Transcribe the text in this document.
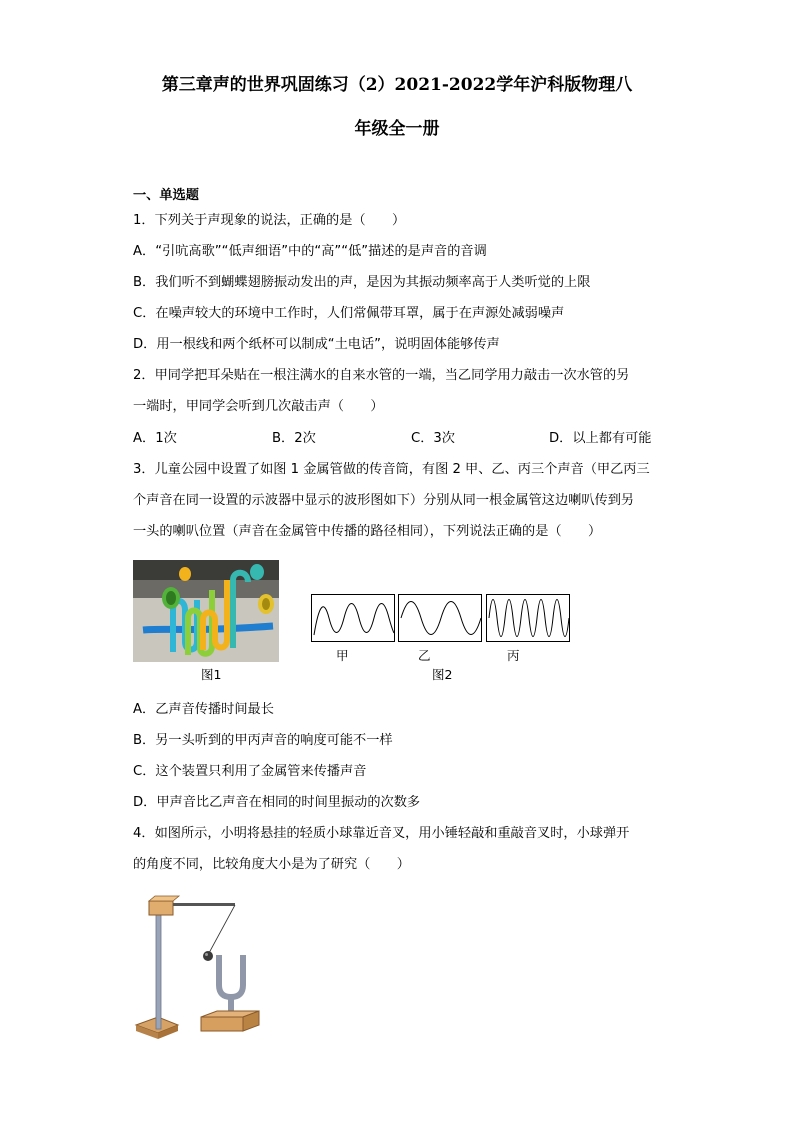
第三章声的世界巩固练习（2）2021-2022学年沪科版物理八
年级全一册
一、单选题
1．下列关于声现象的说法，正确的是（　　）
A．“引吭高歌”“低声细语”中的“高”“低”描述的是声音的音调
B．我们听不到蝴蝶翅膀振动发出的声，是因为其振动频率高于人类听觉的上限
C．在噪声较大的环境中工作时，人们常佩带耳罩，属于在声源处减弱噪声
D．用一根线和两个纸杯可以制成“土电话”，说明固体能够传声
2．甲同学把耳朵贴在一根注满水的自来水管的一端，当乙同学用力敲击一次水管的另
一端时，甲同学会听到几次敲击声（　　）
A．1次	B．2次	C．3次	D．以上都有可能
3．儿童公园中设置了如图 1 金属管做的传音筒，有图 2 甲、乙、丙三个声音（甲乙丙三
个声音在同一设置的示波器中显示的波形图如下）分别从同一根金属管这边喇叭传到另
一头的喇叭位置（声音在金属管中传播的路径相同），下列说法正确的是（　　）
图1
甲	乙	丙
图2
A．乙声音传播时间最长
B．另一头听到的甲丙声音的响度可能不一样
C．这个装置只利用了金属管来传播声音
D．甲声音比乙声音在相同的时间里振动的次数多
4．如图所示，小明将悬挂的轻质小球靠近音叉，用小锤轻敲和重敲音叉时，小球弹开
的角度不同，比较角度大小是为了研究（　　）
